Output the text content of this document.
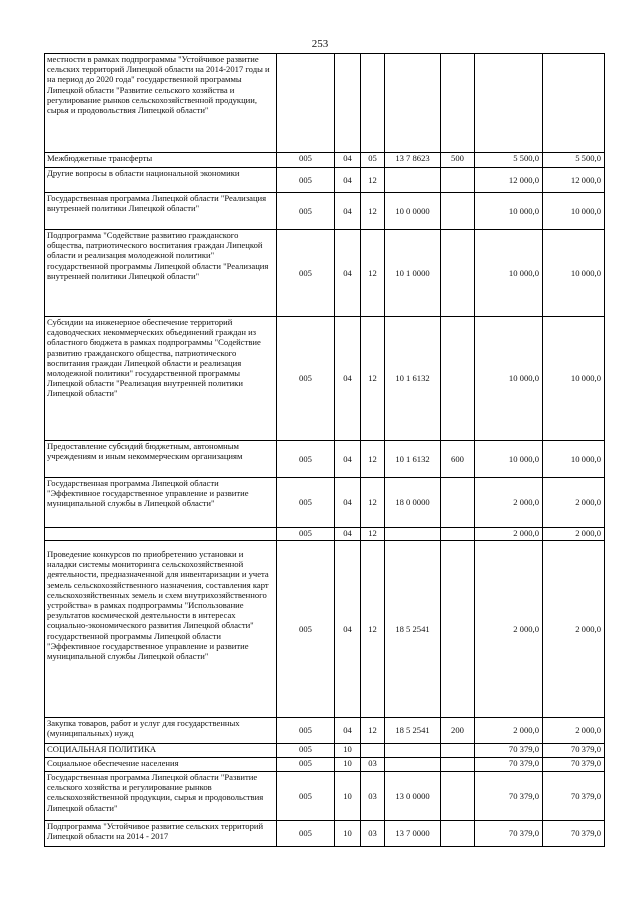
253
местности в рамках подпрограммы "Устойчивое развитие сельских территорий Липецкой области на 2014-2017 годы и на период до 2020 года" государственной программы Липецкой области "Развитие сельского хозяйства и регулирование рынков сельскохозяйственной продукции, сырья и продовольствия Липецкой области"							
Межбюджетные трансферты	005	04	05	13 7 8623	500	5 500,0	5 500,0
Другие вопросы в области национальной экономики	005	04	12			12 000,0	12 000,0
Государственная программа Липецкой области "Реализация внутренней политики Липецкой области"	005	04	12	10 0 0000		10 000,0	10 000,0
Подпрограмма "Содействие развитию гражданского общества, патриотического воспитания граждан Липецкой области и реализация молодежной политики" государственной программы Липецкой области "Реализация внутренней политики Липецкой области"	005	04	12	10 1 0000		10 000,0	10 000,0
Субсидии на инженерное обеспечение территорий садоводческих некоммерческих объединений граждан из областного бюджета в рамках подпрограммы "Содействие развитию гражданского общества, патриотического воспитания граждан Липецкой области и реализация молодежной политики" государственной программы Липецкой области "Реализация внутренней политики Липецкой области"	005	04	12	10 1 6132		10 000,0	10 000,0
Предоставление субсидий бюджетным, автономным учреждениям и иным некоммерческим организациям	005	04	12	10 1 6132	600	10 000,0	10 000,0
Государственная программа Липецкой области "Эффективное государственное управление и развитие муниципальной службы в Липецкой области"	005	04	12	18 0 0000		2 000,0	2 000,0
	005	04	12			2 000,0	2 000,0
Проведение конкурсов по приобретению установки и наладки системы мониторинга сельскохозяйственной деятельности, предназначенной для инвентаризации и учета земель сельскохозяйственного назначения, составления карт сельскохозяйственных земель и схем внутрихозяйственного устройства» в рамках подпрограммы "Использование результатов космической деятельности в интересах социально-экономического развития Липецкой области" государственной программы Липецкой области "Эффективное государственное управление и развитие муниципальной службы Липецкой области"	005	04	12	18 5 2541		2 000,0	2 000,0
Закупка товаров, работ и услуг для государственных (муниципальных) нужд	005	04	12	18 5 2541	200	2 000,0	2 000,0
СОЦИАЛЬНАЯ ПОЛИТИКА	005	10				70 379,0	70 379,0
Социальное обеспечение населения	005	10	03			70 379,0	70 379,0
Государственная программа Липецкой области "Развитие сельского хозяйства и регулирование рынков сельскохозяйственной продукции, сырья и продовольствия Липецкой области"	005	10	03	13 0 0000		70 379,0	70 379,0
Подпрограмма "Устойчивое развитие сельских территорий Липецкой области на 2014 - 2017	005	10	03	13 7 0000		70 379,0	70 379,0
